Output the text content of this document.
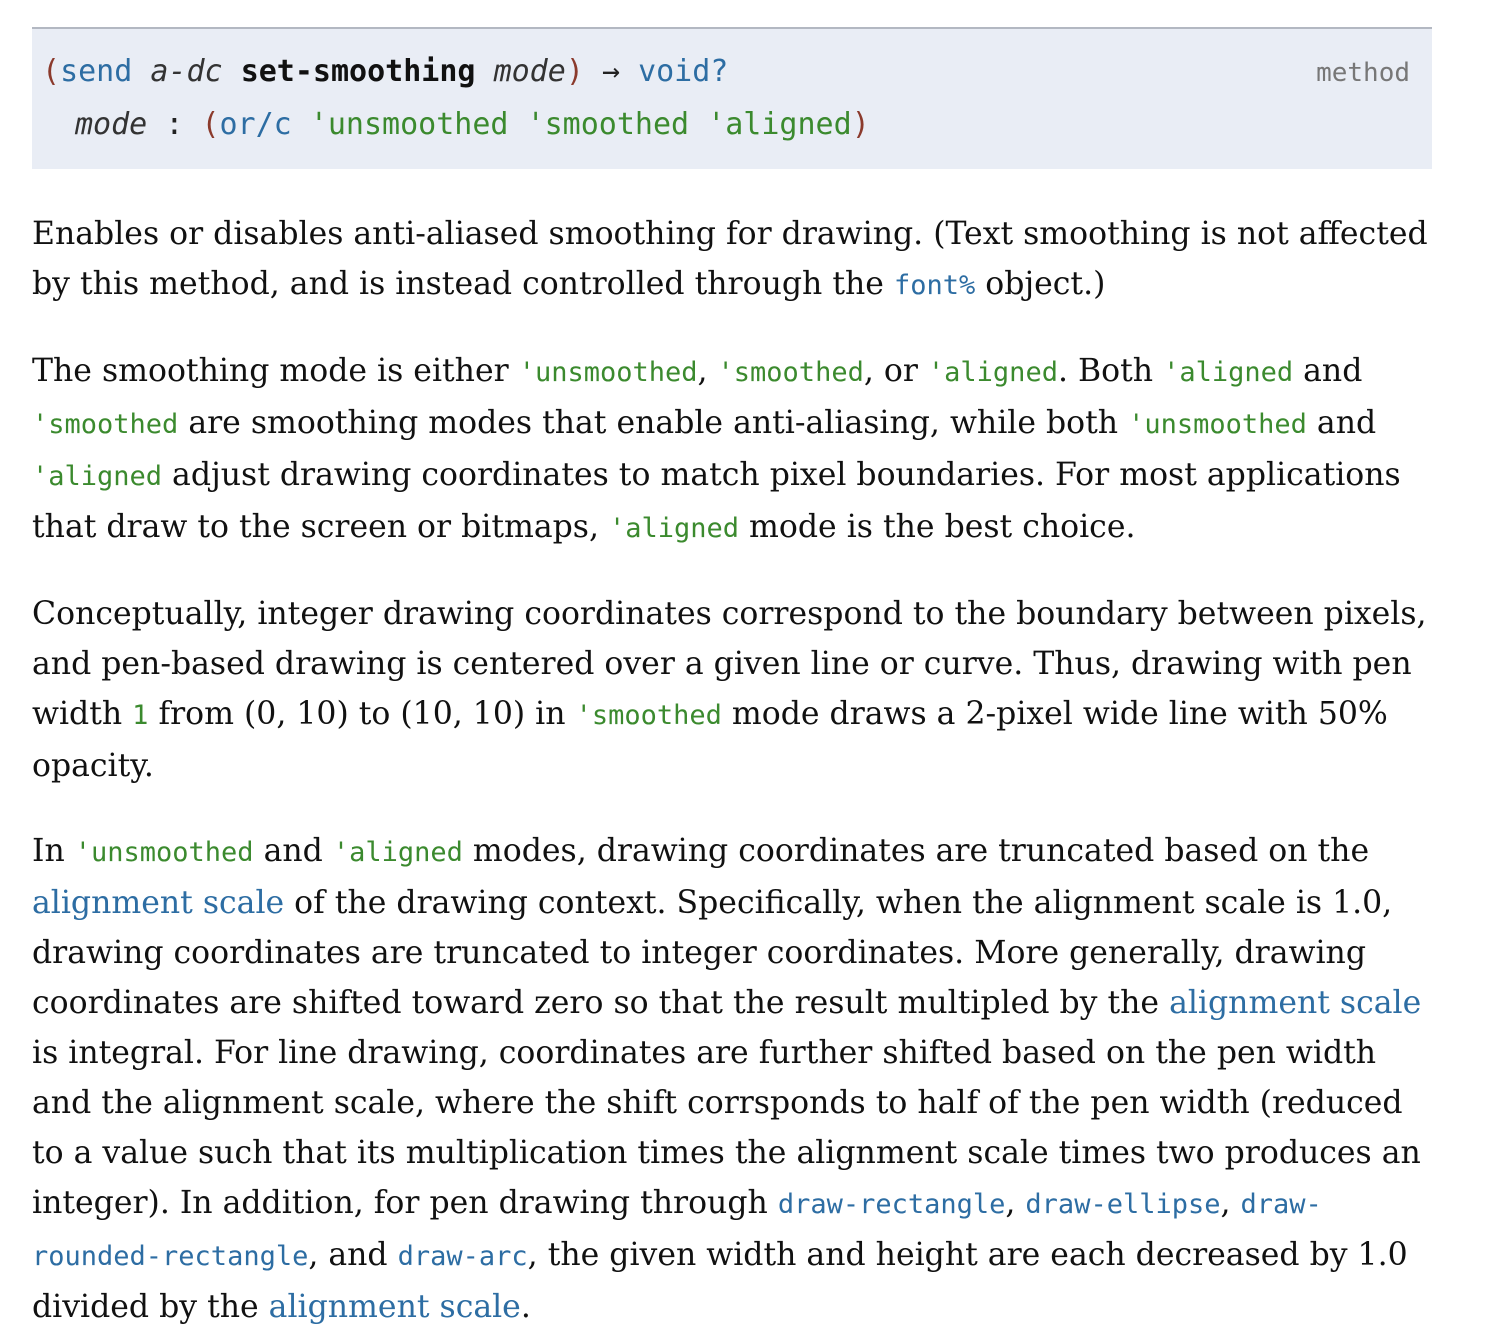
method
(send a-dc set-smoothing mode) → void?
mode : (or/c 'unsmoothed 'smoothed 'aligned)

Enables or disables anti-aliased smoothing for drawing. (Text smoothing is not affected by this method, and is instead controlled through the font% object.)

The smoothing mode is either 'unsmoothed, 'smoothed, or 'aligned. Both 'aligned and 'smoothed are smoothing modes that enable anti-aliasing, while both 'unsmoothed and 'aligned adjust drawing coordinates to match pixel boundaries. For most applications that draw to the screen or bitmaps, 'aligned mode is the best choice.

Conceptually, integer drawing coordinates correspond to the boundary between pixels, and pen-based drawing is centered over a given line or curve. Thus, drawing with pen width 1 from (0, 10) to (10, 10) in 'smoothed mode draws a 2-pixel wide line with 50% opacity.

In 'unsmoothed and 'aligned modes, drawing coordinates are truncated based on the alignment scale of the drawing context. Specifically, when the alignment scale is 1.0, drawing coordinates are truncated to integer coordinates. More generally, drawing coordinates are shifted toward zero so that the result multipled by the alignment scale is integral. For line drawing, coordinates are further shifted based on the pen width and the alignment scale, where the shift corrsponds to half of the pen width (reduced to a value such that its multiplication times the alignment scale times two produces an integer). In addition, for pen drawing through draw-rectangle, draw-ellipse, draw-rounded-rectangle, and draw-arc, the given width and height are each decreased by 1.0 divided by the alignment scale.
